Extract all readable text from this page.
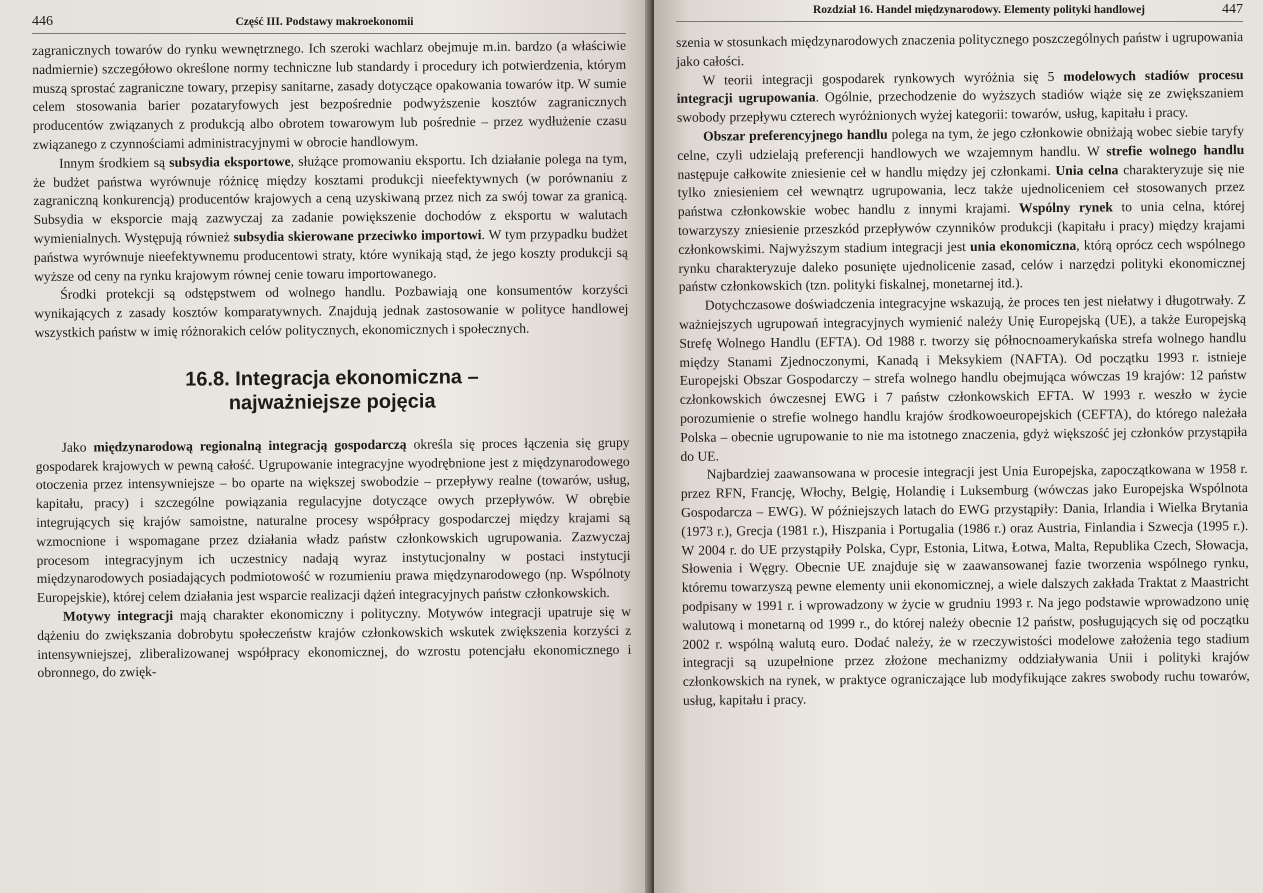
446	Część III. Podstawy makroekonomii

zagranicznych towarów do rynku wewnętrznego. Ich szeroki wachlarz obejmuje m.in. bardzo (a właściwie nadmiernie) szczegółowo określone normy techniczne lub standardy i procedury ich potwierdzenia, którym muszą sprostać zagraniczne towary, przepisy sanitarne, zasady dotyczące opakowania towarów itp. W sumie celem stosowania barier pozataryfowych jest bezpośrednie podwyższenie kosztów zagranicznych producentów związanych z produkcją albo obrotem towarowym lub pośrednie – przez wydłużenie czasu związanego z czynnościami administracyjnymi w obrocie handlowym.

Innym środkiem są subsydia eksportowe, służące promowaniu eksportu. Ich działanie polega na tym, że budżet państwa wyrównuje różnicę między kosztami produkcji nieefektywnych (w porównaniu z zagraniczną konkurencją) producentów krajowych a ceną uzyskiwaną przez nich za swój towar za granicą. Subsydia w eksporcie mają zazwyczaj za zadanie powiększenie dochodów z eksportu w walutach wymienialnych. Występują również subsydia skierowane przeciwko importowi. W tym przypadku budżet państwa wyrównuje nieefektywnemu producentowi straty, które wynikają stąd, że jego koszty produkcji są wyższe od ceny na rynku krajowym równej cenie towaru importowanego.

Środki protekcji są odstępstwem od wolnego handlu. Pozbawiają one konsumentów korzyści wynikających z zasady kosztów komparatywnych. Znajdują jednak zastosowanie w polityce handlowej wszystkich państw w imię różnorakich celów politycznych, ekonomicznych i społecznych.

16.8. Integracja ekonomiczna –
najważniejsze pojęcia

Jako międzynarodową regionalną integracją gospodarczą określa się proces łączenia się grupy gospodarek krajowych w pewną całość. Ugrupowanie integracyjne wyodrębnione jest z międzynarodowego otoczenia przez intensywniejsze – bo oparte na większej swobodzie – przepływy realne (towarów, usług, kapitału, pracy) i szczególne powiązania regulacyjne dotyczące owych przepływów. W obrębie integrujących się krajów samoistne, naturalne procesy współpracy gospodarczej między krajami są wzmocnione i wspomagane przez działania władz państw członkowskich ugrupowania. Zazwyczaj procesom integracyjnym ich uczestnicy nadają wyraz instytucjonalny w postaci instytucji międzynarodowych posiadających podmiotowość w rozumieniu prawa międzynarodowego (np. Wspólnoty Europejskie), której celem działania jest wsparcie realizacji dążeń integracyjnych państw członkowskich.

Motywy integracji mają charakter ekonomiczny i polityczny. Motywów integracji upatruje się w dążeniu do zwiększania dobrobytu społeczeństw krajów członkowskich wskutek zwiększenia korzyści z intensywniejszej, zliberalizowanej współpracy ekonomicznej, do wzrostu potencjału ekonomicznego i obronnego, do zwięk-

Rozdział 16. Handel międzynarodowy. Elementy polityki handlowej	447

szenia w stosunkach międzynarodowych znaczenia politycznego poszczególnych państw i ugrupowania jako całości.

W teorii integracji gospodarek rynkowych wyróżnia się 5 modelowych stadiów procesu integracji ugrupowania. Ogólnie, przechodzenie do wyższych stadiów wiąże się ze zwiększaniem swobody przepływu czterech wyróżnionych wyżej kategorii: towarów, usług, kapitału i pracy.

Obszar preferencyjnego handlu polega na tym, że jego członkowie obniżają wobec siebie taryfy celne, czyli udzielają preferencji handlowych we wzajemnym handlu. W strefie wolnego handlu następuje całkowite zniesienie ceł w handlu między jej członkami. Unia celna charakteryzuje się nie tylko zniesieniem ceł wewnątrz ugrupowania, lecz także ujednoliceniem ceł stosowanych przez państwa członkowskie wobec handlu z innymi krajami. Wspólny rynek to unia celna, której towarzyszy zniesienie przeszkód przepływów czynników produkcji (kapitału i pracy) między krajami członkowskimi. Najwyższym stadium integracji jest unia ekonomiczna, którą oprócz cech wspólnego rynku charakteryzuje daleko posunięte ujednolicenie zasad, celów i narzędzi polityki ekonomicznej państw członkowskich (tzn. polityki fiskalnej, monetarnej itd.).

Dotychczasowe doświadczenia integracyjne wskazują, że proces ten jest niełatwy i długotrwały. Z ważniejszych ugrupowań integracyjnych wymienić należy Unię Europejską (UE), a także Europejską Strefę Wolnego Handlu (EFTA). Od 1988 r. tworzy się północnoamerykańska strefa wolnego handlu między Stanami Zjednoczonymi, Kanadą i Meksykiem (NAFTA). Od początku 1993 r. istnieje Europejski Obszar Gospodarczy – strefa wolnego handlu obejmująca wówczas 19 krajów: 12 państw członkowskich ówczesnej EWG i 7 państw członkowskich EFTA. W 1993 r. weszło w życie porozumienie o strefie wolnego handlu krajów środkowoeuropejskich (CEFTA), do którego należała Polska – obecnie ugrupowanie to nie ma istotnego znaczenia, gdyż większość jej członków przystąpiła do UE.

Najbardziej zaawansowana w procesie integracji jest Unia Europejska, zapoczątkowana w 1958 r. przez RFN, Francję, Włochy, Belgię, Holandię i Luksemburg (wówczas jako Europejska Wspólnota Gospodarcza – EWG). W późniejszych latach do EWG przystąpiły: Dania, Irlandia i Wielka Brytania (1973 r.), Grecja (1981 r.), Hiszpania i Portugalia (1986 r.) oraz Austria, Finlandia i Szwecja (1995 r.). W 2004 r. do UE przystąpiły Polska, Cypr, Estonia, Litwa, Łotwa, Malta, Republika Czech, Słowacja, Słowenia i Węgry. Obecnie UE znajduje się w zaawansowanej fazie tworzenia wspólnego rynku, któremu towarzyszą pewne elementy unii ekonomicznej, a wiele dalszych zakłada Traktat z Maastricht podpisany w 1991 r. i wprowadzony w życie w grudniu 1993 r. Na jego podstawie wprowadzono unię walutową i monetarną od 1999 r., do której należy obecnie 12 państw, posługujących się od początku 2002 r. wspólną walutą euro. Dodać należy, że w rzeczywistości modelowe założenia tego stadium integracji są uzupełnione przez złożone mechanizmy oddziaływania Unii i polityki krajów członkowskich na rynek, w praktyce ograniczające lub modyfikujące zakres swobody ruchu towarów, usług, kapitału i pracy.
